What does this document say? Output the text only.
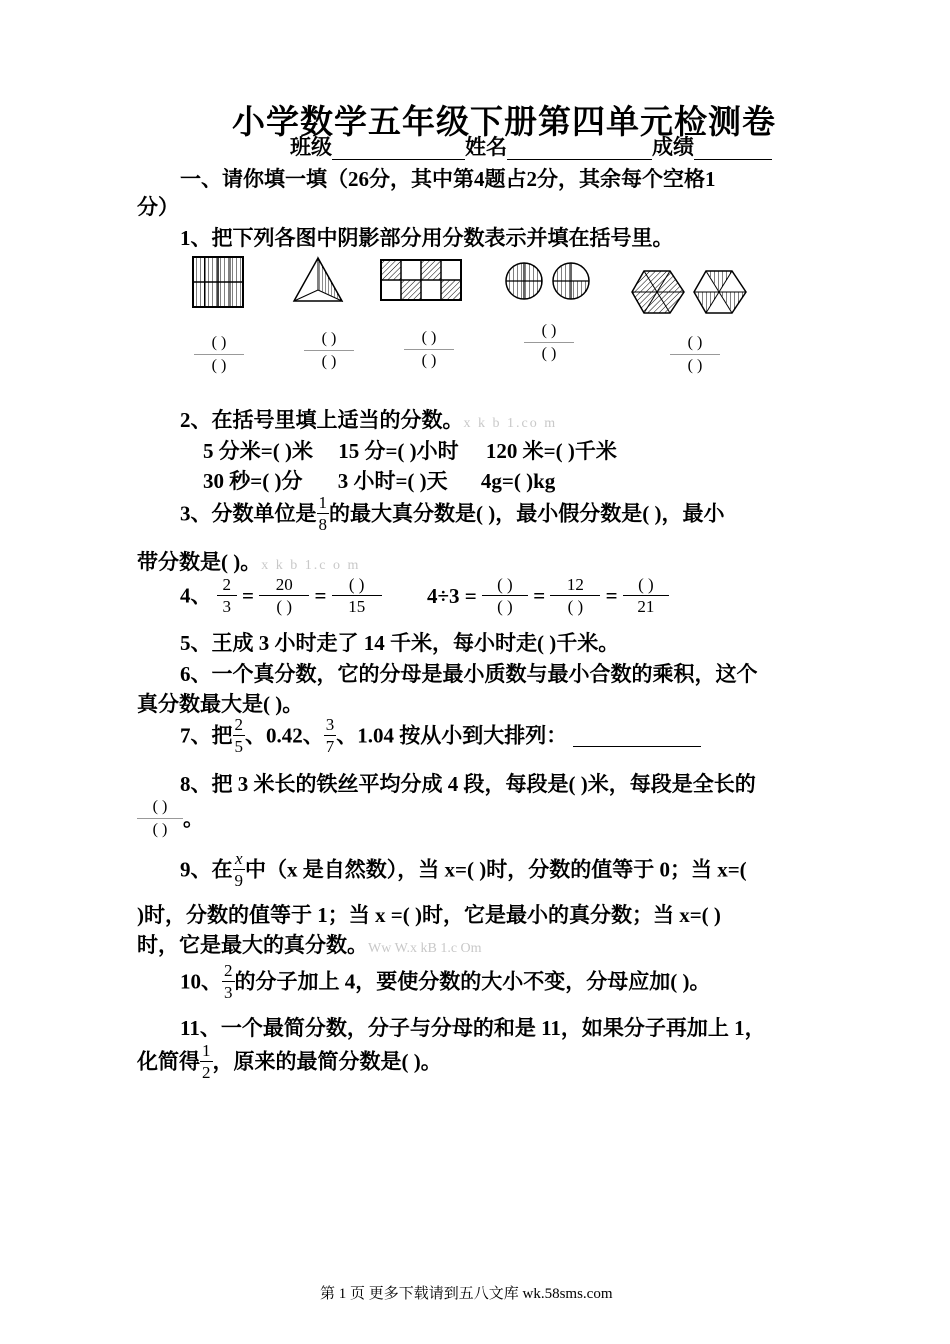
小学数学五年级下册第四单元检测卷
班级	姓名	成绩
一、请你填一填（26分，其中第4题占2分，其余每个空格1
分）
1、把下列各图中阴影部分用分数表示并填在括号里。
( )
( )
( )
( )
( )
( )
( )
( )
( )
( )
2、在括号里填上适当的分数。x k b 1.co m
5 分米=( )米 15 分=( )小时 120 米=( )千米
30 秒=( )分 3 小时=( )天 4g=( )kg
3、分数单位是 $\frac{1}{8}$ 的最大真分数是( )，最小假分数是( )，最小
带分数是( )。x k b 1.c o m
4、 $\frac{2}{3} = \frac{20}{( )} = \frac{( )}{15} 4\div 3 = \frac{( )}{( )} = \frac{12}{( )} = \frac{( )}{21}$
5、王成 3 小时走了 14 千米，每小时走( )千米。
6、一个真分数，它的分母是最小质数与最小合数的乘积，这个
真分数最大是( )。
7、把 $\frac{2}{5}$ 、0.42、 $\frac{3}{7}$ 、1.04 按从小到大排列：
8、把 3 米长的铁丝平均分成 4 段，每段是( )米，每段是全长的
( )
( ) 。
9、在 $\frac{x}{9}$ 中（x 是自然数），当 x=( )时，分数的值等于 0；当 x=(
)时，分数的值等于 1；当 x =( )时，它是最小的真分数；当 x=( )
时，它是最大的真分数。Ww W.x kB 1.c Om
10、 $\frac{2}{3}$ 的分子加上 4，要使分数的大小不变，分母应加( )。
11、一个最简分数，分子与分母的和是 11，如果分子再加上 1，
化简得 $\frac{1}{2}$ ，原来的最简分数是( )。
第 1 页 更多下载请到五八文库 wk.58sms.com
